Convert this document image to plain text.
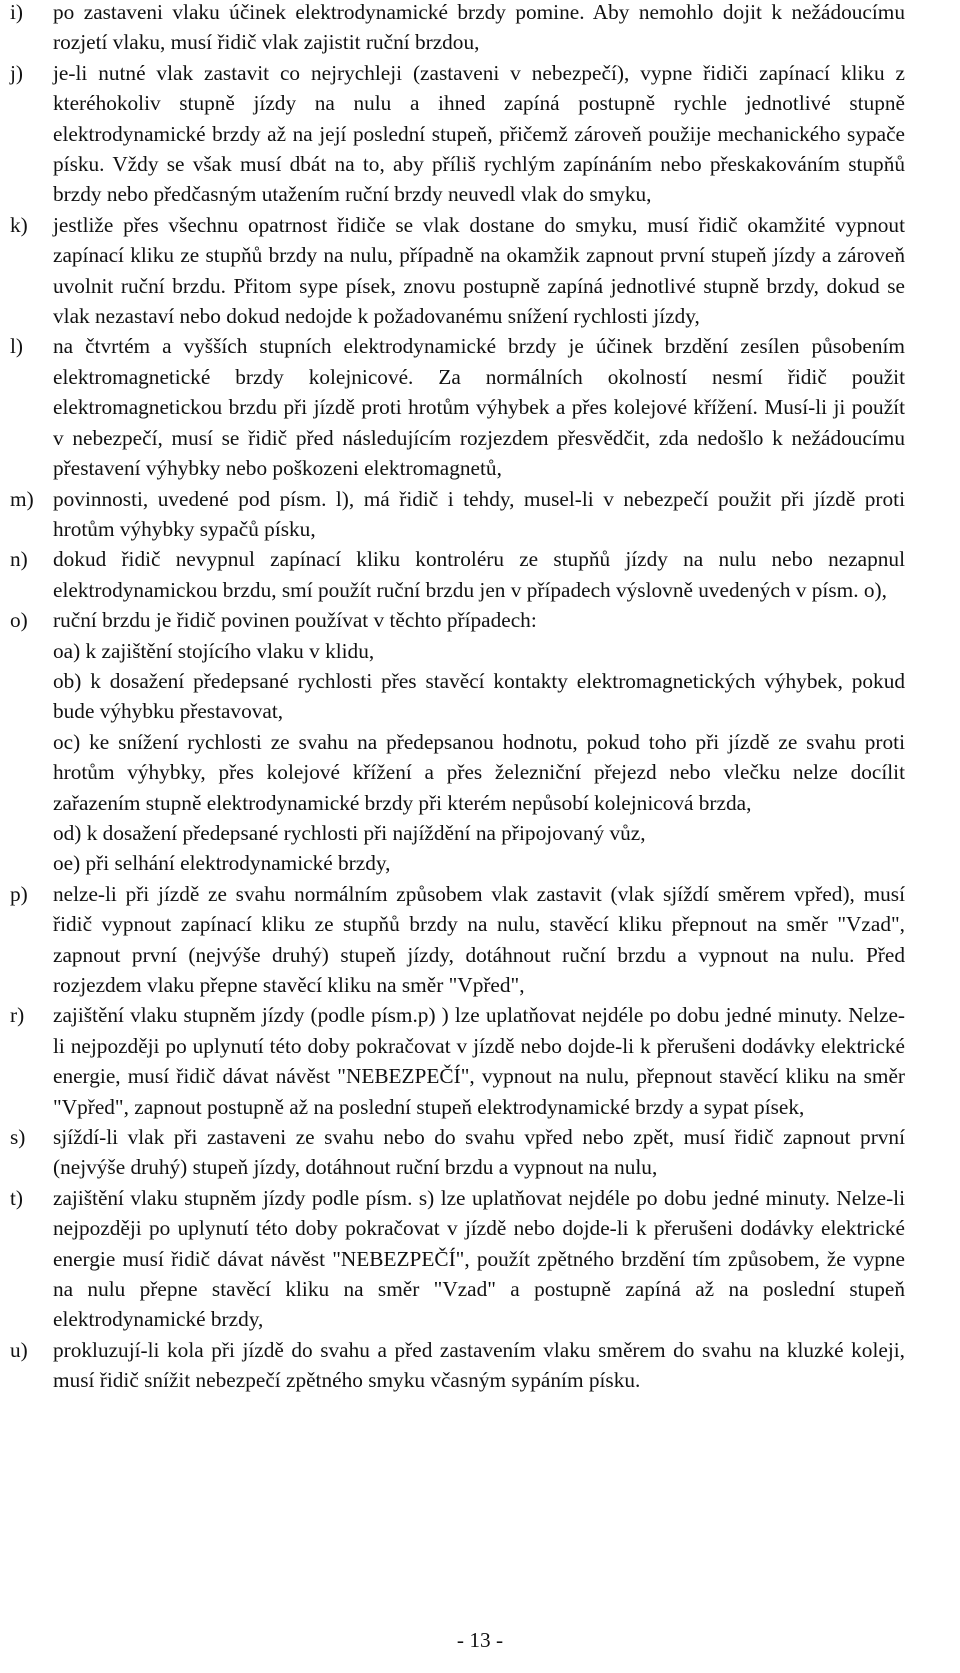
i)	po zastaveni vlaku účinek elektrodynamické brzdy pomine. Aby nemohlo dojit k nežádoucímu rozjetí vlaku, musí řidič vlak zajistit ruční brzdou,
j)	je-li nutné vlak zastavit co nejrychleji (zastaveni v nebezpečí), vypne řidiči zapínací kliku z kteréhokoliv stupně jízdy na nulu a ihned zapíná postupně rychle jednotlivé stupně elektrodynamické brzdy až na její poslední stupeň, přičemž zároveň použije mechanického sypače písku. Vždy se však musí dbát na to, aby příliš rychlým zapínáním nebo přeskakováním stupňů brzdy nebo předčasným utažením ruční brzdy neuvedl vlak do smyku,
k)	jestliže přes všechnu opatrnost řidiče se vlak dostane do smyku, musí řidič okamžité vypnout zapínací kliku ze stupňů brzdy na nulu, případně na okamžik zapnout první stupeň jízdy a zároveň uvolnit ruční brzdu. Přitom sype písek, znovu postupně zapíná jednotlivé stupně brzdy, dokud se vlak nezastaví nebo dokud nedojde k požadovanému snížení rychlosti jízdy,
l)	na čtvrtém a vyšších stupních elektrodynamické brzdy je účinek brzdění zesílen působením elektromagnetické brzdy kolejnicové. Za normálních okolností nesmí řidič použit elektromagnetickou brzdu při jízdě proti hrotům výhybek a přes kolejové křížení. Musí-li ji použít v nebezpečí, musí se řidič před následujícím rozjezdem přesvědčit, zda nedošlo k nežádoucímu přestavení výhybky nebo poškozeni elektromagnetů,
m) povinnosti, uvedené pod písm. l), má řidič i tehdy, musel-li v nebezpečí použit při jízdě proti hrotům výhybky sypačů písku,
n)	dokud řidič nevypnul zapínací kliku kontroléru ze stupňů jízdy na nulu nebo nezapnul elektrodynamickou brzdu, smí použít ruční brzdu jen v případech výslovně uvedených v písm. o),
o)	ruční brzdu je řidič povinen používat v těchto případech:
oa) k zajištění stojícího vlaku v klidu,
ob) k dosažení předepsané rychlosti přes stavěcí kontakty elektromagnetických výhybek, pokud bude výhybku přestavovat,
oc) ke snížení rychlosti ze svahu na předepsanou hodnotu, pokud toho při jízdě ze svahu proti hrotům výhybky, přes kolejové křížení a přes železniční přejezd nebo vlečku nelze docílit zařazením stupně elektrodynamické brzdy při kterém nepůsobí kolejnicová brzda,
od) k dosažení předepsané rychlosti při najíždění na připojovaný vůz,
oe) při selhání elektrodynamické brzdy,
p)	nelze-li při jízdě ze svahu normálním způsobem vlak zastavit (vlak sjíždí směrem vpřed), musí řidič vypnout zapínací kliku ze stupňů brzdy na nulu, stavěcí kliku přepnout na směr "Vzad", zapnout první (nejvýše druhý) stupeň jízdy, dotáhnout ruční brzdu a vypnout na nulu. Před rozjezdem vlaku přepne stavěcí kliku na směr "Vpřed",
r)	zajištění vlaku stupněm jízdy (podle písm.p) ) lze uplatňovat nejdéle po dobu jedné minuty. Nelze-li nejpozději po uplynutí této doby pokračovat v jízdě nebo dojde-li k přerušeni dodávky elektrické energie, musí řidič dávat návěst "NEBEZPEČÍ", vypnout na nulu, přepnout stavěcí kliku na směr "Vpřed", zapnout postupně až na poslední stupeň elektrodynamické brzdy a sypat písek,
s)	sjíždí-li vlak při zastaveni ze svahu nebo do svahu vpřed nebo zpět, musí řidič zapnout první (nejvýše druhý) stupeň jízdy, dotáhnout ruční brzdu a vypnout na nulu,
t)	zajištění vlaku stupněm jízdy podle písm. s) lze uplatňovat nejdéle po dobu jedné minuty. Nelze-li nejpozději po uplynutí této doby pokračovat v jízdě nebo dojde-li k přerušeni dodávky elektrické energie musí řidič dávat návěst "NEBEZPEČÍ", použít zpětného brzdění tím způsobem, že vypne na nulu přepne stavěcí kliku na směr "Vzad" a postupně zapíná až na poslední stupeň elektrodynamické brzdy,
u)	prokluzují-li kola při jízdě do svahu a před zastavením vlaku směrem do svahu na kluzké koleji, musí řidič snížit nebezpečí zpětného smyku včasným sypáním písku.
- 13 -
